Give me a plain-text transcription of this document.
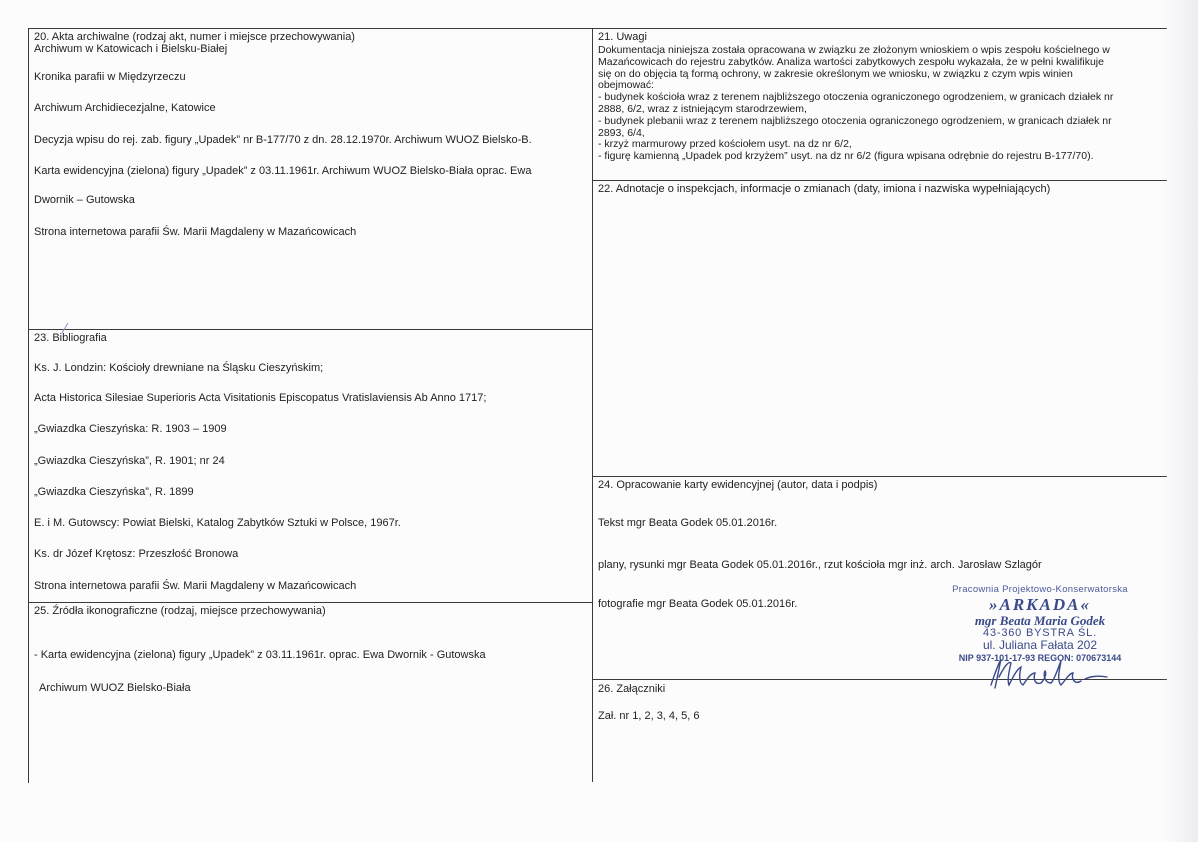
20. Akta archiwalne (rodzaj akt, numer i miejsce przechowywania)
Archiwum w Katowicach i Bielsku-Białej
Kronika parafii w Międzyrzeczu
Archiwum Archidiecezjalne, Katowice
Decyzja wpisu do rej. zab. figury „Upadek” nr B-177/70 z dn. 28.12.1970r. Archiwum WUOZ Bielsko-B.
Karta ewidencyjna (zielona) figury „Upadek” z 03.11.1961r. Archiwum WUOZ Bielsko-Biała oprac. Ewa
Dwornik – Gutowska
Strona internetowa parafii Św. Marii Magdaleny w Mazańcowicach
21. Uwagi
Dokumentacja niniejsza została opracowana w związku ze złożonym wnioskiem o wpis zespołu kościelnego w
Mazańcowicach do rejestru zabytków. Analiza wartości zabytkowych zespołu wykazała, że w pełni kwalifikuje
się on do objęcia tą formą ochrony, w zakresie określonym we wniosku, w związku z czym wpis winien
obejmować:
- budynek kościoła wraz z terenem najbliższego otoczenia ograniczonego ogrodzeniem, w granicach działek nr
2888, 6/2, wraz z istniejącym starodrzewiem,
- budynek plebanii wraz z terenem najbliższego otoczenia ograniczonego ogrodzeniem, w granicach działek nr
2893, 6/4,
- krzyż marmurowy przed kościołem usyt. na dz nr 6/2,
- figurę kamienną „Upadek pod krzyżem” usyt. na dz nr 6/2 (figura wpisana odrębnie do rejestru B-177/70).
22. Adnotacje o inspekcjach, informacje o zmianach (daty, imiona i nazwiska wypełniających)
23. Bibliografia
Ks. J. Londzin: Kościoły drewniane na Śląsku Cieszyńskim;
Acta Historica Silesiae Superioris Acta Visitationis Episcopatus Vratislaviensis Ab Anno 1717;
„Gwiazdka Cieszyńska: R. 1903 – 1909
„Gwiazdka Cieszyńska”, R. 1901; nr 24
„Gwiazdka Cieszyńska”, R. 1899
E. i M. Gutowscy: Powiat Bielski, Katalog Zabytków Sztuki w Polsce, 1967r.
Ks. dr Józef Krętosz: Przeszłość Bronowa
Strona internetowa parafii Św. Marii Magdaleny w Mazańcowicach
24. Opracowanie karty ewidencyjnej (autor, data i podpis)
Tekst mgr Beata Godek 05.01.2016r.
plany, rysunki mgr Beata Godek 05.01.2016r., rzut kościoła mgr inż. arch. Jarosław Szlagór
fotografie mgr Beata Godek 05.01.2016r.
25. Źródła ikonograficzne (rodzaj, miejsce przechowywania)
- Karta ewidencyjna (zielona) figury „Upadek” z 03.11.1961r. oprac. Ewa Dwornik - Gutowska
Archiwum WUOZ Bielsko-Biała	26. Załączniki
Zał. nr 1, 2, 3, 4, 5, 6
Pracownia Projektowo-Konserwatorska
»ARKADA«
mgr Beata Maria Godek
43-360 BYSTRA ŚL.
ul. Juliana Fałata 202
NIP 937-101-17-93 REGON: 070673144
